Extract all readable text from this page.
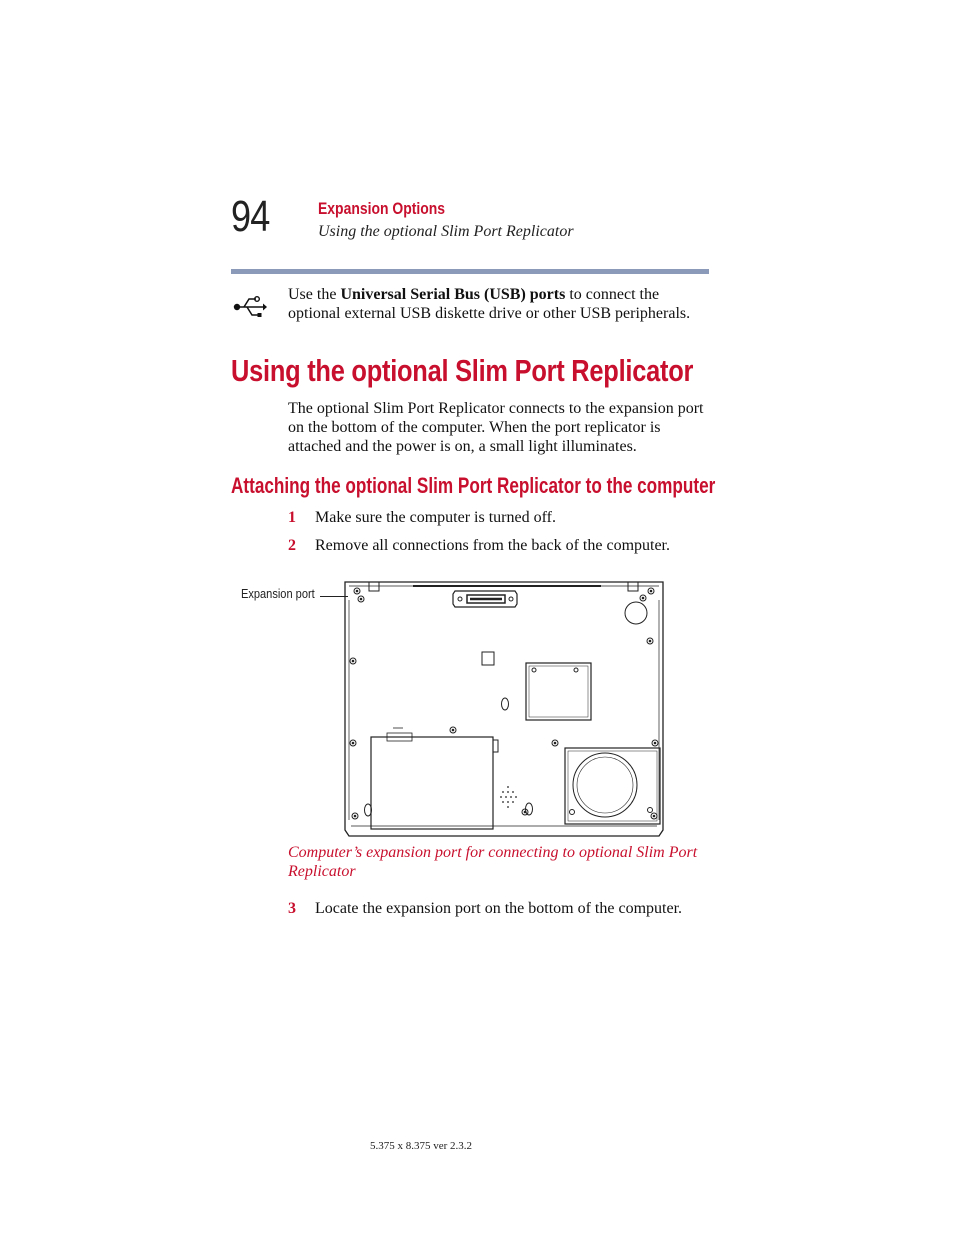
94	Expansion Options
Using the optional Slim Port Replicator
Use the Universal Serial Bus (USB) ports to connect the optional external USB diskette drive or other USB peripherals.
Using the optional Slim Port Replicator
The optional Slim Port Replicator connects to the expansion port on the bottom of the computer. When the port replicator is attached and the power is on, a small light illuminates.
Attaching the optional Slim Port Replicator to the computer
1 Make sure the computer is turned off.
2 Remove all connections from the back of the computer.
Expansion port
Computer’s expansion port for connecting to optional Slim Port Replicator
3 Locate the expansion port on the bottom of the computer.
5.375 x 8.375 ver 2.3.2
